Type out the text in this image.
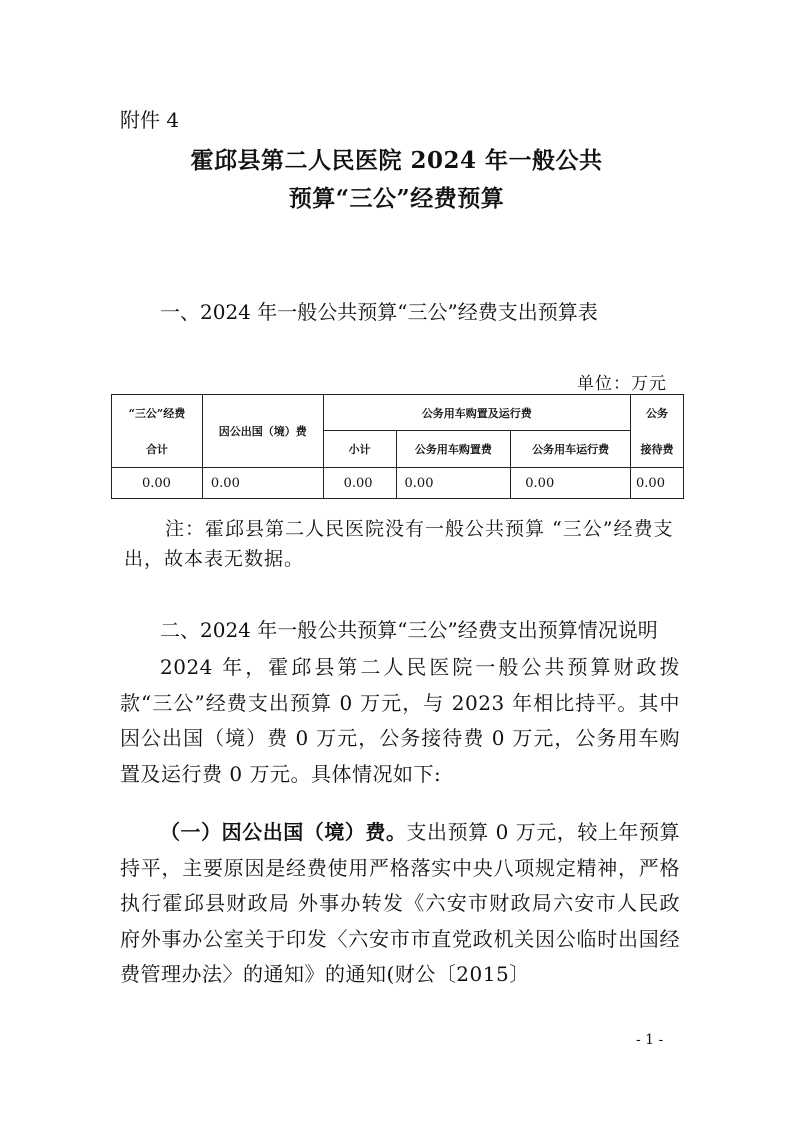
附件 4
霍邱县第二人民医院 2024 年一般公共
预算“三公”经费预算
一、2024 年一般公共预算“三公”经费支出预算表
单位：万元
“三公”经费	因公出国（境）费	公务用车购置及运行费			公务
合计		小计	公务用车购置费	公务用车运行费	接待费
0.00	0.00	0.00	0.00	0.00	0.00
注：霍邱县第二人民医院没有一般公共预算 “三公”经费支出，故本表无数据。
二、2024 年一般公共预算“三公”经费支出预算情况说明
2024 年，霍邱县第二人民医院一般公共预算财政拨款“三公”经费支出预算 0 万元，与 2023 年相比持平。其中因公出国（境）费 0 万元，公务接待费 0 万元，公务用车购置及运行费 0 万元。具体情况如下:
（一）因公出国（境）费。支出预算 0 万元，较上年预算持平，主要原因是经费使用严格落实中央八项规定精神，严格执行霍邱县财政局 外事办转发《六安市财政局六安市人民政府外事办公室关于印发〈六安市市直党政机关因公临时出国经费管理办法〉的通知》的通知(财公〔2015〕
- 1 -
